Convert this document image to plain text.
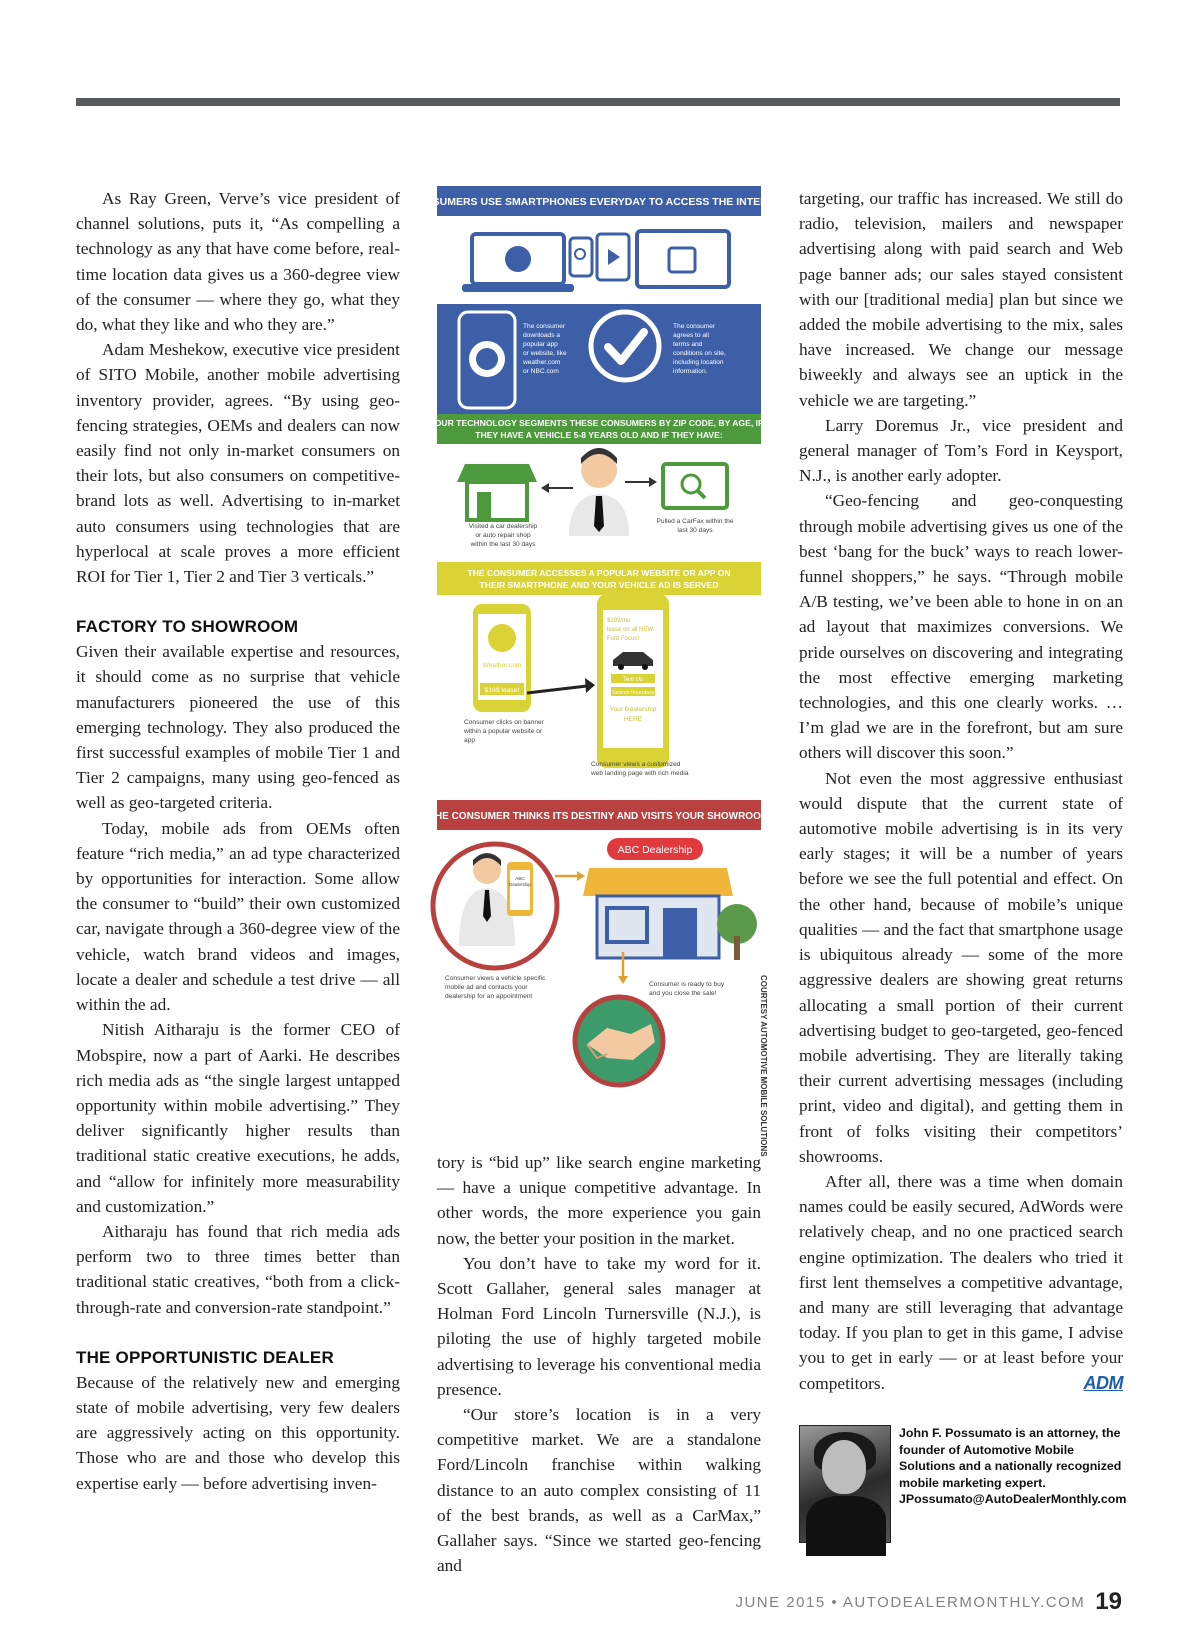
As Ray Green, Verve’s vice president of channel solutions, puts it, “As compelling a technology as any that have come before, real-time location data gives us a 360-degree view of the consumer — where they go, what they do, what they like and who they are.”

Adam Meshekow, executive vice president of SITO Mobile, another mobile advertising inventory provider, agrees. “By using geo-fencing strategies, OEMs and dealers can now easily find not only in-market consumers on their lots, but also consumers on competitive-brand lots as well. Advertising to in-market auto consumers using technologies that are hyperlocal at scale proves a more efficient ROI for Tier 1, Tier 2 and Tier 3 verticals.”

FACTORY TO SHOWROOM

Given their available expertise and resources, it should come as no surprise that vehicle manufacturers pioneered the use of this emerging technology. They also produced the first successful examples of mobile Tier 1 and Tier 2 campaigns, many using geo-fenced as well as geo-targeted criteria.

Today, mobile ads from OEMs often feature “rich media,” an ad type characterized by opportunities for interaction. Some allow the consumer to “build” their own customized car, navigate through a 360-degree view of the vehicle, watch brand videos and images, locate a dealer and schedule a test drive — all within the ad.

Nitish Aitharaju is the former CEO of Mobspire, now a part of Aarki. He describes rich media ads as “the single largest untapped opportunity within mobile advertising.” They deliver significantly higher results than traditional static creative executions, he adds, and “allow for infinitely more measurability and customization.”

Aitharaju has found that rich media ads perform two to three times better than traditional static creatives, “both from a click-through-rate and conversion-rate standpoint.”

THE OPPORTUNISTIC DEALER

Because of the relatively new and emerging state of mobile advertising, very few dealers are aggressively acting on this opportunity. Those who are and those who develop this expertise early — before advertising inven-

CONSUMERS USE SMARTPHONES EVERYDAY TO ACCESS THE INTERNET
The consumer
downloads a
popular app
or website, like
weather.com
or NBC.com
The consumer
agrees to all
terms and
conditions on site,
including location
information.
OUR TECHNOLOGY SEGMENTS THESE CONSUMERS BY ZIP CODE, BY AGE, IF
THEY HAVE A VEHICLE 5-8 YEARS OLD AND IF THEY HAVE:
Visited a car dealership
or auto repair shop
within the last 30 days
Pulled a CarFax within the
last 30 days
THE CONSUMER ACCESSES A POPULAR WEBSITE OR APP ON
THEIR SMARTPHONE AND YOUR VEHICLE AD IS SERVED
Weather.com
$199 lease!
$199/mo
lease on all NEW
Ford Focus!
Text Us
Search Inventory
Your Dealership
HERE
Consumer clicks on banner
within a popular website or
app
Consumer views a customized
web landing page with rich media
THE CONSUMER THINKS ITS DESTINY AND VISITS YOUR SHOWROOM
ABC
Dealership
ABC Dealership
Consumer views a vehicle specific
mobile ad and contacts your
dealership for an appointment
Consumer is ready to buy
and you close the sale!	COURTESY AUTOMOTIVE MOBILE SOLUTIONS

tory is “bid up” like search engine marketing — have a unique competitive advantage. In other words, the more experience you gain now, the better your position in the market.

You don’t have to take my word for it. Scott Gallaher, general sales manager at Holman Ford Lincoln Turnersville (N.J.), is piloting the use of highly targeted mobile advertising to leverage his conventional media presence.

“Our store’s location is in a very competitive market. We are a standalone Ford/Lincoln franchise within walking distance to an auto complex consisting of 11 of the best brands, as well as a CarMax,” Gallaher says. “Since we started geo-fencing and

targeting, our traffic has increased. We still do radio, television, mailers and newspaper advertising along with paid search and Web page banner ads; our sales stayed consistent with our [traditional media] plan but since we added the mobile advertising to the mix, sales have increased. We change our message biweekly and always see an uptick in the vehicle we are targeting.”

Larry Doremus Jr., vice president and general manager of Tom’s Ford in Keysport, N.J., is another early adopter.

“Geo-fencing and geo-conquesting through mobile advertising gives us one of the best ‘bang for the buck’ ways to reach lower-funnel shoppers,” he says. “Through mobile A/B testing, we’ve been able to hone in on an ad layout that maximizes conversions. We pride ourselves on discovering and integrating the most effective emerging marketing technologies, and this one clearly works. … I’m glad we are in the forefront, but am sure others will discover this soon.”

Not even the most aggressive enthusiast would dispute that the current state of automotive mobile advertising is in its very early stages; it will be a number of years before we see the full potential and effect. On the other hand, because of mobile’s unique qualities — and the fact that smartphone usage is ubiquitous already — some of the more aggressive dealers are showing great returns allocating a small portion of their current advertising budget to geo-targeted, geo-fenced mobile advertising. They are literally taking their current advertising messages (including print, video and digital), and getting them in front of folks visiting their competitors’ showrooms.

After all, there was a time when domain names could be easily secured, AdWords were relatively cheap, and no one practiced search engine optimization. The dealers who tried it first lent themselves a competitive advantage, and many are still leveraging that advantage today. If you plan to get in this game, I advise you to get in early — or at least before your competitors.	ADM

John F. Possumato is an attorney, the founder of Automotive Mobile Solutions and a nationally recognized mobile marketing expert.
JPossumato@AutoDealerMonthly.com
JUNE 2015 • AUTODEALERMONTHLY.COM 19
